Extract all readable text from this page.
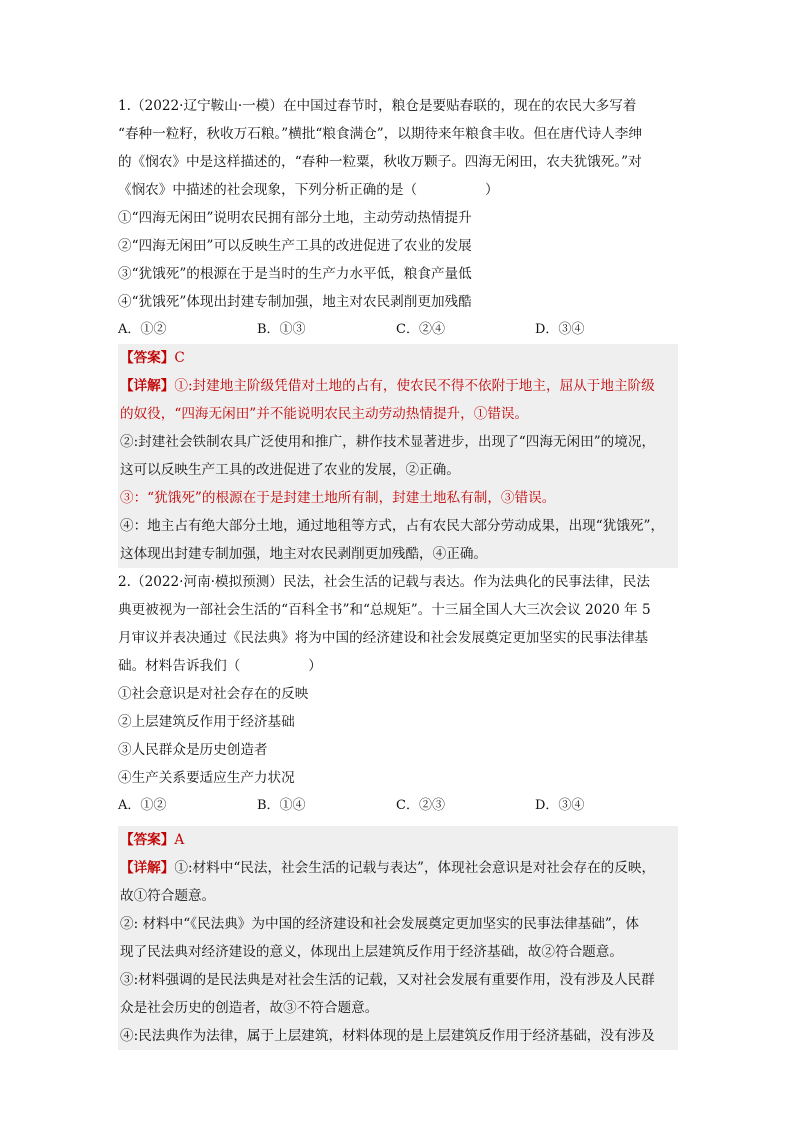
1.（2022·辽宁鞍山·一模）在中国过春节时，粮仓是要贴春联的，现在的农民大多写着
“春种一粒籽，秋收万石粮。”横批“粮食满仓”，以期待来年粮食丰收。但在唐代诗人李绅
的《悯农》中是这样描述的，“春种一粒粟，秋收万颗子。四海无闲田，农夫犹饿死。”对
《悯农》中描述的社会现象，下列分析正确的是（　　　　　）
①“四海无闲田”说明农民拥有部分土地，主动劳动热情提升
②“四海无闲田”可以反映生产工具的改进促进了农业的发展
③“犹饿死”的根源在于是当时的生产力水平低，粮食产量低
④“犹饿死”体现出封建专制加强，地主对农民剥削更加残酷
A．①②	B．①③	C．②④	D．③④
【答案】C
【详解】①:封建地主阶级凭借对土地的占有，使农民不得不依附于地主，屈从于地主阶级
的奴役，“四海无闲田”并不能说明农民主动劳动热情提升，①错误。
②:封建社会铁制农具广泛使用和推广，耕作技术显著进步，出现了“四海无闲田”的境况，
这可以反映生产工具的改进促进了农业的发展，②正确。
③：“犹饿死”的根源在于是封建土地所有制，封建土地私有制，③错误。
④：地主占有绝大部分土地，通过地租等方式，占有农民大部分劳动成果，出现“犹饿死”，
这体现出封建专制加强，地主对农民剥削更加残酷，④正确。
2.（2022·河南·模拟预测）民法，社会生活的记载与表达。作为法典化的民事法律，民法
典更被视为一部社会生活的“百科全书”和“总规矩”。十三届全国人大三次会议 2020 年 5
月审议并表决通过《民法典》将为中国的经济建设和社会发展奠定更加坚实的民事法律基
础。材料告诉我们（　　　　　）
①社会意识是对社会存在的反映
②上层建筑反作用于经济基础
③人民群众是历史创造者
④生产关系要适应生产力状况
A．①②	B．①④	C．②③	D．③④
【答案】A
【详解】①:材料中“民法，社会生活的记载与表达”，体现社会意识是对社会存在的反映，
故①符合题意。
②: 材料中“《民法典》为中国的经济建设和社会发展奠定更加坚实的民事法律基础”，体
现了民法典对经济建设的意义，体现出上层建筑反作用于经济基础，故②符合题意。
③:材料强调的是民法典是对社会生活的记载，又对社会发展有重要作用，没有涉及人民群
众是社会历史的创造者，故③不符合题意。
④:民法典作为法律，属于上层建筑，材料体现的是上层建筑反作用于经济基础，没有涉及
